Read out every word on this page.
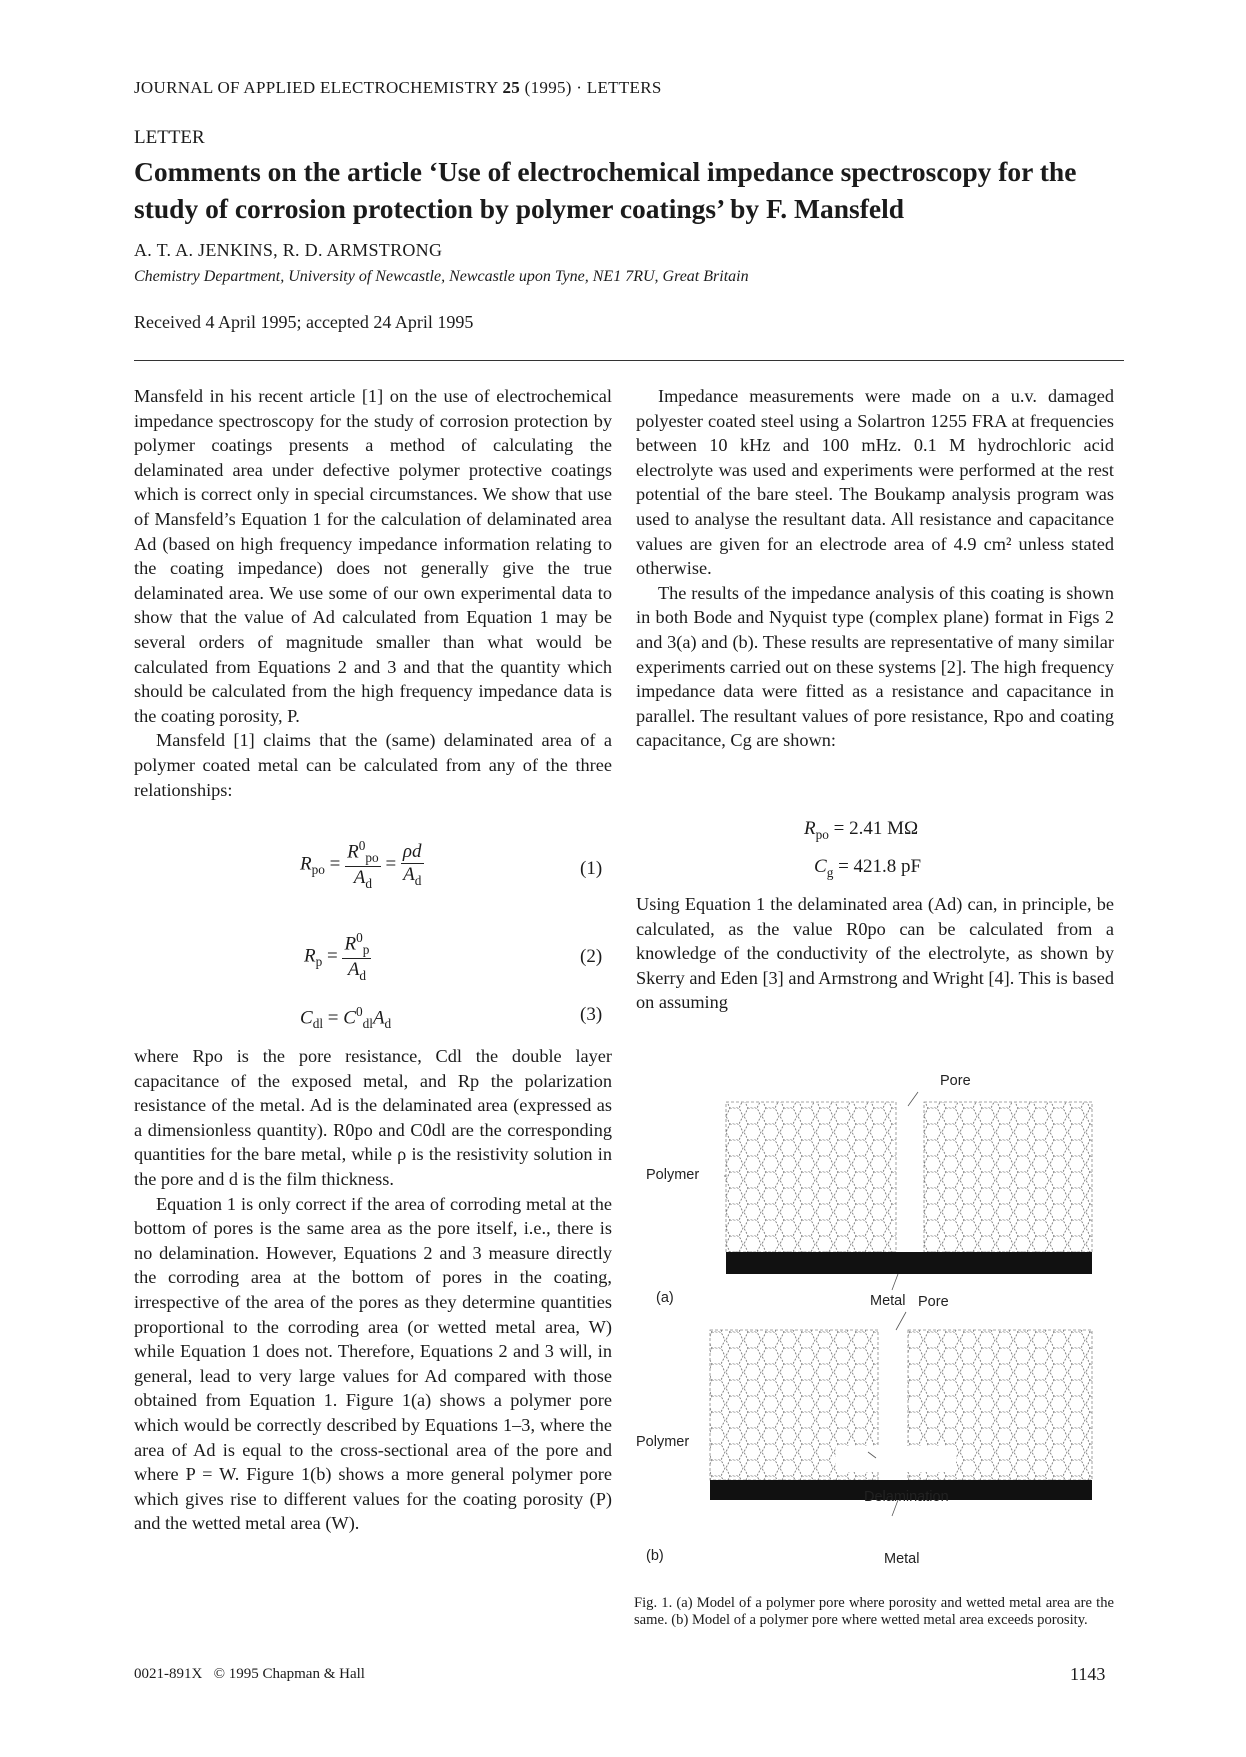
JOURNAL OF APPLIED ELECTROCHEMISTRY 25 (1995) · LETTERS
LETTER
Comments on the article ‘Use of electrochemical impedance spectroscopy for the study of corrosion protection by polymer coatings’ by F. Mansfeld
A. T. A. JENKINS, R. D. ARMSTRONG
Chemistry Department, University of Newcastle, Newcastle upon Tyne, NE1 7RU, Great Britain
Received 4 April 1995; accepted 24 April 1995

Mansfeld in his recent article [1] on the use of electrochemical impedance spectroscopy for the study of corrosion protection by polymer coatings presents a method of calculating the delaminated area under defective polymer protective coatings which is correct only in special circumstances. We show that use of Mansfeld’s Equation 1 for the calculation of delaminated area Ad (based on high frequency impedance information relating to the coating impedance) does not generally give the true delaminated area. We use some of our own experimental data to show that the value of Ad calculated from Equation 1 may be several orders of magnitude smaller than what would be calculated from Equations 2 and 3 and that the quantity which should be calculated from the high frequency impedance data is the coating porosity, P.

Mansfeld [1] claims that the (same) delaminated area of a polymer coated metal can be calculated from any of the three relationships:

$R_{po} = \frac{R^0_{po}}{A_d} = \frac{\rho d}{A_d}$	(1)
$R_p = \frac{R^0_p}{A_d}$	(2)
$C_{dl} = C^0_{dl}A_d$	(3)

where Rpo is the pore resistance, Cdl the double layer capacitance of the exposed metal, and Rp the polarization resistance of the metal. Ad is the delaminated area (expressed as a dimensionless quantity). R0po and C0dl are the corresponding quantities for the bare metal, while ρ is the resistivity solution in the pore and d is the film thickness.

Equation 1 is only correct if the area of corroding metal at the bottom of pores is the same area as the pore itself, i.e., there is no delamination. However, Equations 2 and 3 measure directly the corroding area at the bottom of pores in the coating, irrespective of the area of the pores as they determine quantities proportional to the corroding area (or wetted metal area, W) while Equation 1 does not. Therefore, Equations 2 and 3 will, in general, lead to very large values for Ad compared with those obtained from Equation 1. Figure 1(a) shows a polymer pore which would be correctly described by Equations 1–3, where the area of Ad is equal to the cross-sectional area of the pore and where P = W. Figure 1(b) shows a more general polymer pore which gives rise to different values for the coating porosity (P) and the wetted metal area (W).

Impedance measurements were made on a u.v. damaged polyester coated steel using a Solartron 1255 FRA at frequencies between 10 kHz and 100 mHz. 0.1 M hydrochloric acid electrolyte was used and experiments were performed at the rest potential of the bare steel. The Boukamp analysis program was used to analyse the resultant data. All resistance and capacitance values are given for an electrode area of 4.9 cm² unless stated otherwise.

The results of the impedance analysis of this coating is shown in both Bode and Nyquist type (complex plane) format in Figs 2 and 3(a) and (b). These results are representative of many similar experiments carried out on these systems [2]. The high frequency impedance data were fitted as a resistance and capacitance in parallel. The resultant values of pore resistance, Rpo and coating capacitance, Cg are shown:

$R_{po} = 2.41$ MΩ
$C_g = 421.8$ pF

Using Equation 1 the delaminated area (Ad) can, in principle, be calculated, as the value R0po can be calculated from a knowledge of the conductivity of the electrolyte, as shown by Skerry and Eden [3] and Armstrong and Wright [4]. This is based on assuming

Pore
Polymer
Metal
(a)	Pore
Polymer
Delamination
Metal
(b)
Fig. 1. (a) Model of a polymer pore where porosity and wetted metal area are the same. (b) Model of a polymer pore where wetted metal area exceeds porosity.
0021-891X © 1995 Chapman & Hall	1143
